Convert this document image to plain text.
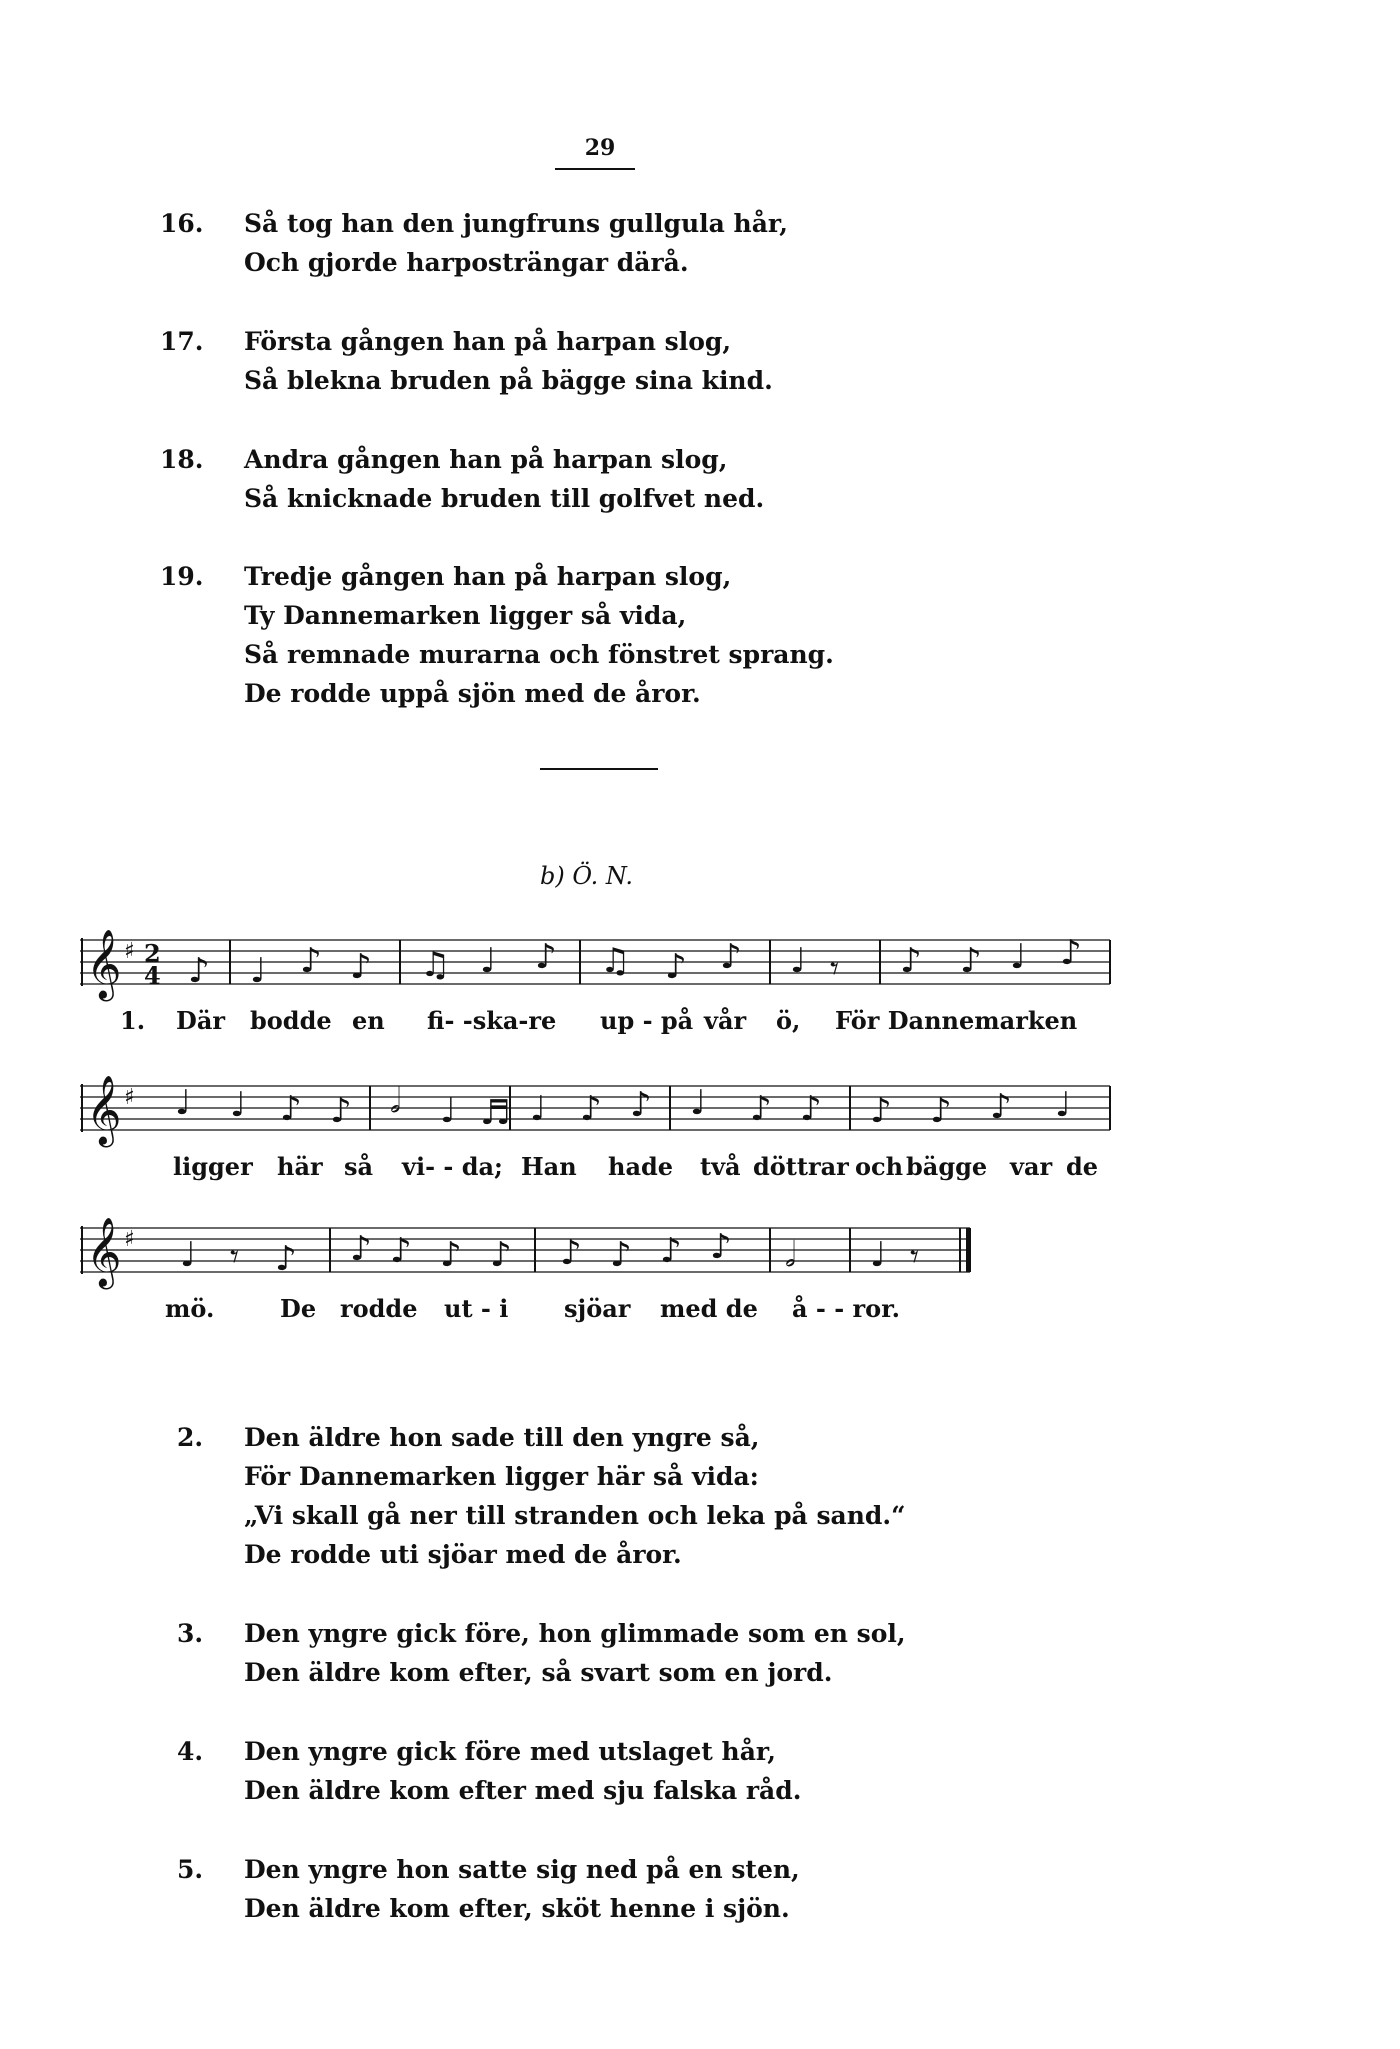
29
16.	Så tog han den jungfruns gullgula hår,
Och gjorde harposträngar därå.
17.	Första gången han på harpan slog,
Så blekna bruden på bägge sina kind.
18.	Andra gången han på harpan slog,
Så knicknade bruden till golfvet ned.
19.	Tredje gången han på harpan slog,
Ty Dannemarken ligger så vida,
Så remnade murarna och fönstret sprang.
De rodde uppå sjön med de åror.
b) Ö. N.
𝄞 ♯ 2
4 ♪ ♩ ♪ ♪ ♫ ♩ ♪ ♫ ♪ ♪ ♩ 𝄾 ♪ ♪ ♩ ♪
1. Där bodde en fi- -ska-re up - på vår ö, För Dannemarken
𝄞 ♯ ♩ ♩ ♪ ♪ 𝅗𝅥 ♩ ♬ ♩ ♪ ♪ ♩ ♪ ♪ ♪ ♪ ♪ ♩
ligger här så vi- - da; Han hade två döttrar och bägge var de
𝄞 ♯ ♩ 𝄾 ♪ ♪ ♪ ♪ ♪ ♪ ♪ ♪ ♪ 𝅗𝅥 ♩ 𝄾
mö.	De rodde ut - i sjöar med de å - - ror.
2.	Den äldre hon sade till den yngre så,
För Dannemarken ligger här så vida:
„Vi skall gå ner till stranden och leka på sand.“
De rodde uti sjöar med de åror.
3.	Den yngre gick före, hon glimmade som en sol,
Den äldre kom efter, så svart som en jord.
4.	Den yngre gick före med utslaget hår,
Den äldre kom efter med sju falska råd.
5.	Den yngre hon satte sig ned på en sten,
Den äldre kom efter, sköt henne i sjön.
